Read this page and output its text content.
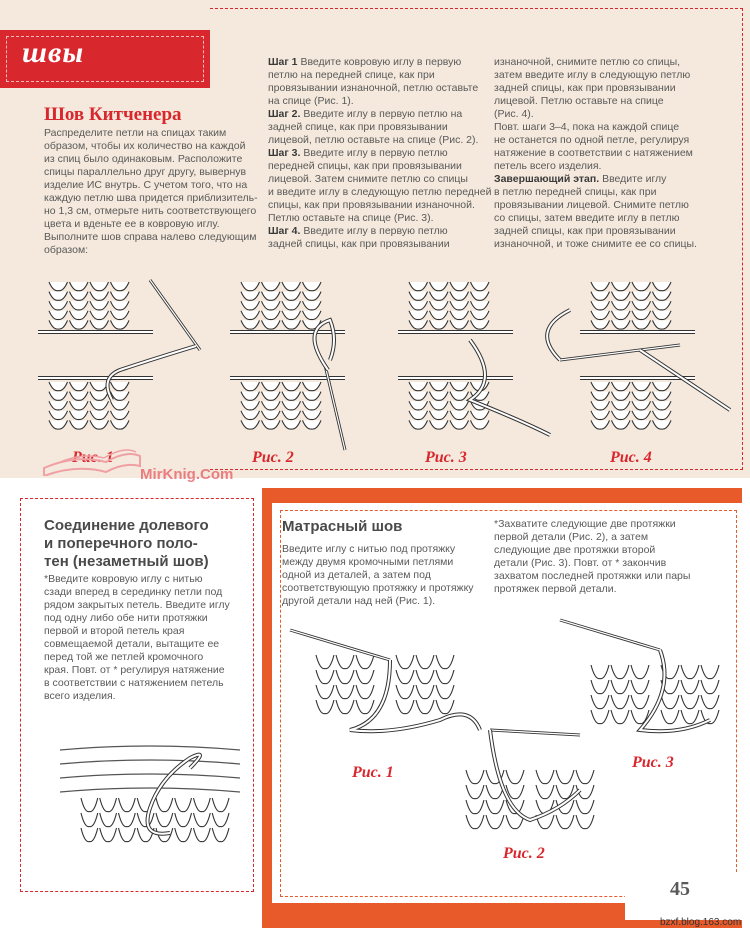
швы
Шов Китченера
Распределите петли на спицах таким
образом, чтобы их количество на каждой
из спиц было одинаковым. Расположите
спицы параллельно друг другу, вывернув
изделие ИС внутрь. С учетом того, что на
каждую петлю шва придется приблизитель-
но 1,3 см, отмерьте нить соответствующего
цвета и вденьте ее в ковровую иглу.
Выполните шов справа налево следующим
образом:
Шаг 1 Введите ковровую иглу в первую
петлю на передней спице, как при
провязывании изнаночной, петлю оставьте
на спице (Рис. 1).
Шаг 2. Введите иглу в первую петлю на
задней спице, как при провязывании
лицевой, петлю оставьте на спице (Рис. 2).
Шаг 3. Введите иглу в первую петлю
передней спицы, как при провязывании
лицевой. Затем снимите петлю со спицы
и введите иглу в следующую петлю передней
спицы, как при провязывании изнаночной.
Петлю оставьте на спице (Рис. 3).
Шаг 4. Введите иглу в первую петлю
задней спицы, как при провязывании
изнаночной, снимите петлю со спицы,
затем введите иглу в следующую петлю
задней спицы, как при провязывании
лицевой. Петлю оставьте на спице
(Рис. 4).
Повт. шаги 3–4, пока на каждой спице
не останется по одной петле, регулируя
натяжение в соответствии с натяжением
петель всего изделия.
Завершающий этап. Введите иглу
в петлю передней спицы, как при
провязывании лицевой. Снимите петлю
со спицы, затем введите иглу в петлю
задней спицы, как при провязывании
изнаночной, и тоже снимите ее со спицы.
Рис. 1	Рис. 2	Рис. 3	Рис. 4
MirKnig.Com
Соединение долевого
и поперечного поло-
тен (незаметный шов)
*Введите ковровую иглу с нитью
сзади вперед в серединку петли под
рядом закрытых петель. Введите иглу
под одну либо обе нити протяжки
первой и второй петель края
совмещаемой детали, вытащите ее
перед той же петлей кромочного
края. Повт. от * регулируя натяжение
в соответствии с натяжением петель
всего изделия.
Матрасный шов
Введите иглу с нитью под протяжку
между двумя кромочными петлями
одной из деталей, а затем под
соответствующую протяжку и протяжку
другой детали над ней (Рис. 1).
*Захватите следующие две протяжки
первой детали (Рис. 2), а затем
следующие две протяжки второй
детали (Рис. 3). Повт. от * закончив
захватом последней протяжки или пары
протяжек первой детали.
Рис. 1
Рис. 2
Рис. 3
45
bzxf.blog.163.com
